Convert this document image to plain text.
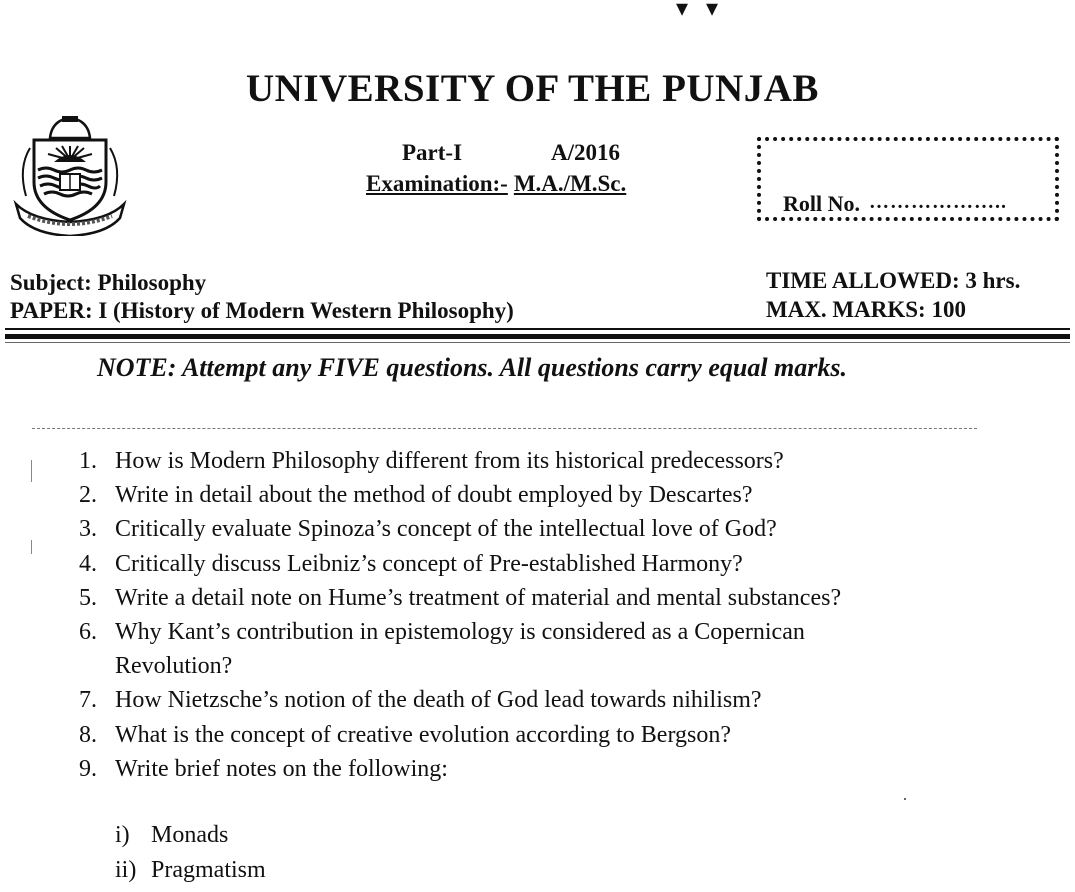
▾▾
UNIVERSITY OF THE PUNJAB
Part-I	A/2016
Examination:- M.A./M.Sc.
Roll No. ………………..
Subject: Philosophy
PAPER: I (History of Modern Western Philosophy)
TIME ALLOWED: 3 hrs.
MAX. MARKS: 100
NOTE: Attempt any FIVE questions. All questions carry equal marks.
1. How is Modern Philosophy different from its historical predecessors?
2. Write in detail about the method of doubt employed by Descartes?
3. Critically evaluate Spinoza’s concept of the intellectual love of God?
4. Critically discuss Leibniz’s concept of Pre-established Harmony?
5. Write a detail note on Hume’s treatment of material and mental substances?
6. Why Kant’s contribution in epistemology is considered as a Copernican
Revolution?
7. How Nietzsche’s notion of the death of God lead towards nihilism?
8. What is the concept of creative evolution according to Bergson?
9. Write brief notes on the following:
i) Monads
ii) Pragmatism
